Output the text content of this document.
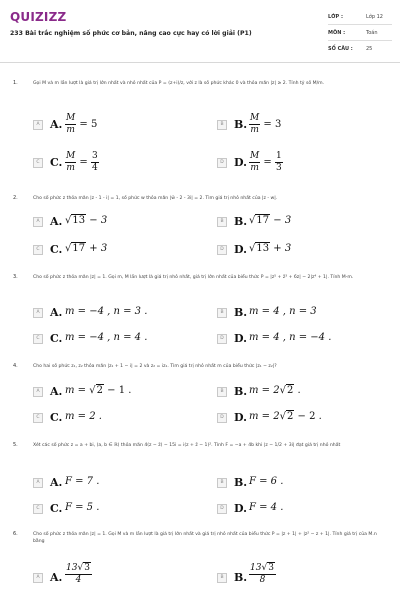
QUIZIZZ
233 Bài trắc nghiệm số phức cơ bản, nâng cao cực hay có lời giải (P1)
LỚP :	Lớp 12
MÔN :	Toán
SỐ CÂU :	25
1.	Gọi M và m lần lượt là giá trị lớn nhất và nhỏ nhất của P = (z+i)/z, với z là số phức khác 0 và thỏa mãn |z| ≥ 2. Tính tỷ số M/m.
A A. $\frac{M}{m} = 5$	B B. $\frac{M}{m} = 3$
C C. $\frac{M}{m} = \frac{3}{4}$	D D. $\frac{M}{m} = \frac{1}{3}$
2.	Cho số phức z thỏa mãn |z - 1 - i| = 1, số phức w thỏa mãn |w̄ - 2 - 3i| = 2. Tìm giá trị nhỏ nhất của |z - w|.
A A. √13 − 3	B B. √17 − 3
C C. √17 + 3	D D. √13 + 3
3.	Cho số phức z thỏa mãn |z| = 1. Gọi m, M lần lượt là giá trị nhỏ nhất, giá trị lớn nhất của biểu thức P = |z⁵ + z̄³ + 6z| − 2|z⁴ + 1|. Tính M-m.
A A. m = −4 , n = 3 .	B B. m = 4 , n = 3
C C. m = −4 , n = 4 .	D D. m = 4 , n = −4 .
4.	Cho hai số phức z₁, z₂ thỏa mãn |z₁ + 1 − i| = 2 và z₂ = iz₁. Tìm giá trị nhỏ nhất m của biểu thức |z₁ − z₂|?
A A. m = √2 − 1 .	B B. m = 2√2 .
C C. m = 2 .	D D. m = 2√2 − 2 .
5.	Xét các số phức z = a + bi, (a, b ∈ ℝ) thỏa mãn 4(z − z̄) − 15i = i(z + z̄ − 1)². Tính F = −a + 4b khi |z − 1/2 + 3i| đạt giá trị nhỏ nhất
A A. F = 7 .	B B. F = 6 .
C C. F = 5 .	D D. F = 4 .
6.	Cho số phức z thỏa mãn |z| = 1. Gọi M và m lần lượt là giá trị lớn nhất và giá trị nhỏ nhất của biểu thức P = |z + 1| + |z² − z + 1|. Tính giá trị của M.n bằng
A A. $\frac{13√3}{4}$	B B. $\frac{13√3}{8}$
